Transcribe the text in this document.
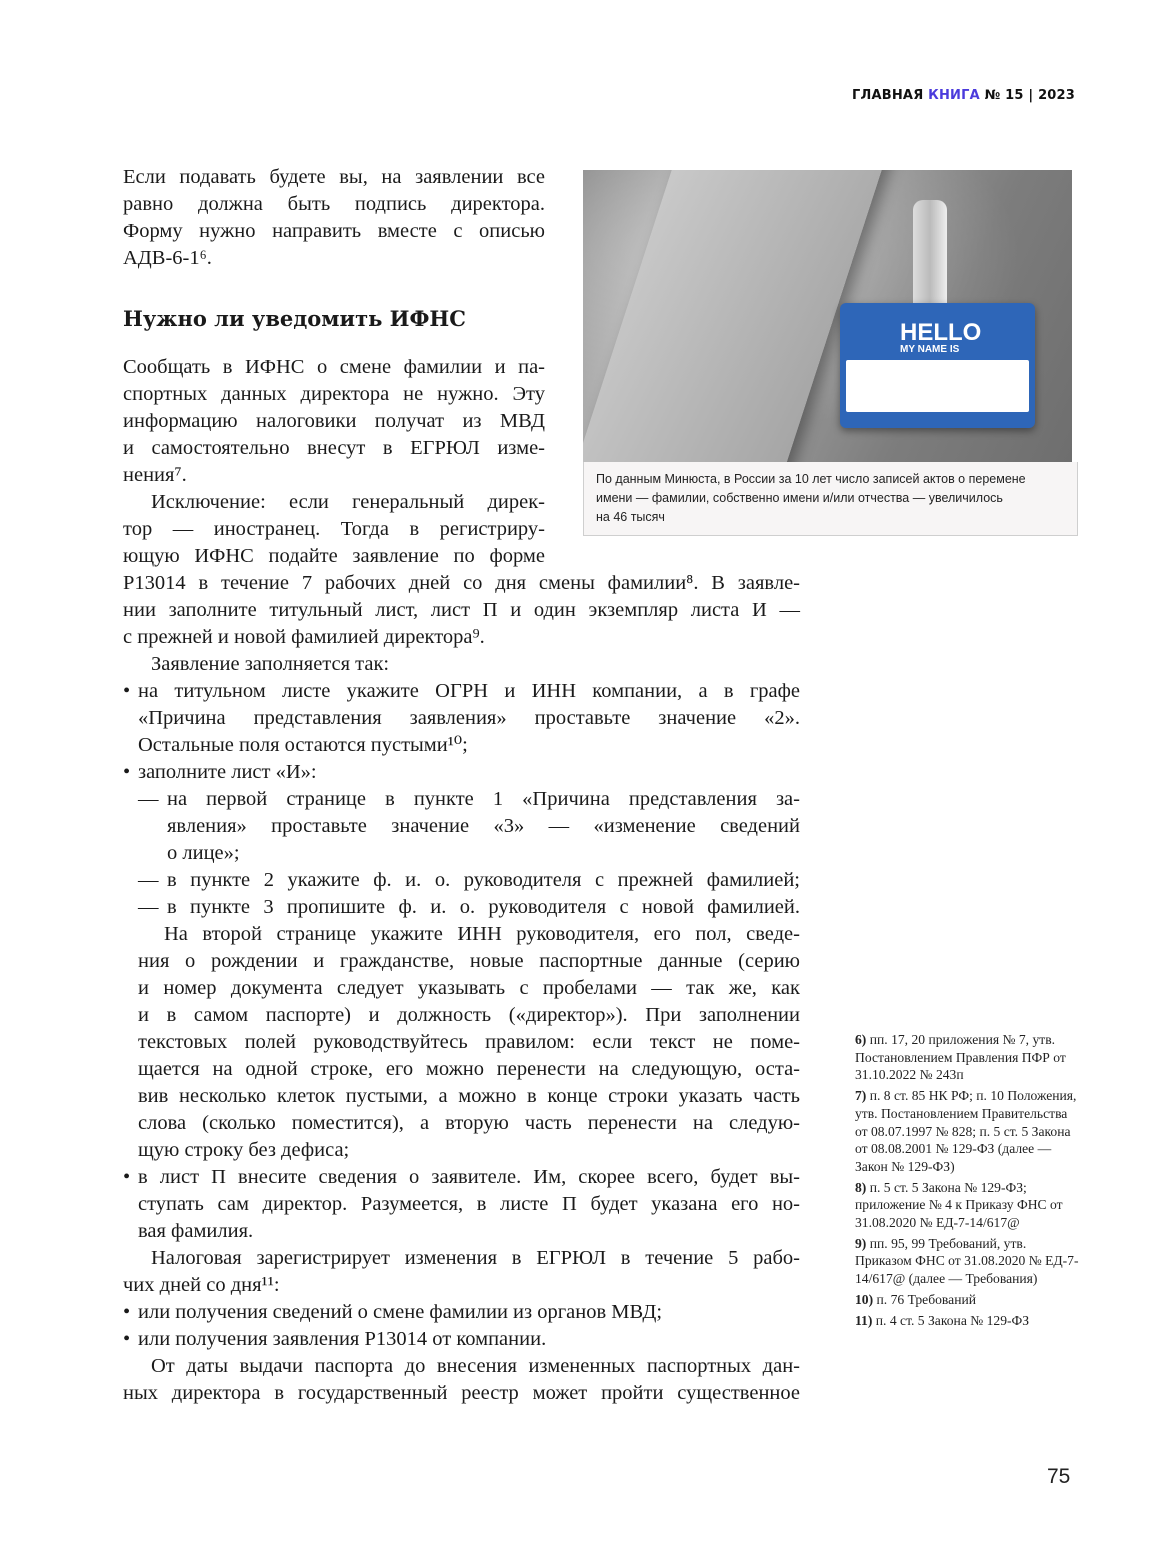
ГЛАВНАЯ КНИГА № 15 | 2023
Если подавать будете вы, на заявлении все
равно должна быть подпись директора.
Форму нужно направить вместе с описью
АДВ-6-1⁶.
Нужно ли уведомить ИФНС
Сообщать в ИФНС о смене фамилии и па-
спортных данных директора не нужно. Эту
информацию налоговики получат из МВД
и самостоятельно внесут в ЕГРЮЛ изме-
нения⁷.
Исключение: если генеральный дирек-
тор — иностранец. Тогда в регистриру-
ющую ИФНС подайте заявление по форме
Р13014 в течение 7 рабочих дней со дня смены фамилии⁸. В заявле-
нии заполните титульный лист, лист П и один экземпляр листа И —
с прежней и новой фамилией директора⁹.
Заявление заполняется так:
на титульном листе укажите ОГРН и ИНН компании, а в графе
•
«Причина представления заявления» проставьте значение «2».
Остальные поля остаются пустыми¹⁰;
заполните лист «И»:
•
на первой странице в пункте 1 «Причина представления за-
—
явления» проставьте значение «3» — «изменение сведений
о лице»;
в пункте 2 укажите ф. и. о. руководителя с прежней фамилией;
—
в пункте 3 пропишите ф. и. о. руководителя с новой фамилией.
—
На второй странице укажите ИНН руководителя, его пол, сведе-
ния о рождении и гражданстве, новые паспортные данные (серию
и номер документа следует указывать с пробелами — так же, как
и в самом паспорте) и должность («директор»). При заполнении
текстовых полей руководствуйтесь правилом: если текст не поме-
щается на одной строке, его можно перенести на следующую, оста-
вив несколько клеток пустыми, а можно в конце строки указать часть
слова (сколько поместится), а вторую часть перенести на следую-
щую строку без дефиса;
в лист П внесите сведения о заявителе. Им, скорее всего, будет вы-
•
ступать сам директор. Разумеется, в листе П будет указана его но-
вая фамилия.
Налоговая зарегистрирует изменения в ЕГРЮЛ в течение 5 рабо-
чих дней со дня¹¹:
или получения сведений о смене фамилии из органов МВД;
•
или получения заявления Р13014 от компании.
•
От даты выдачи паспорта до внесения измененных паспортных дан-
ных директора в государственный реестр может пройти существенное
HELLO
MY NAME IS
По данным Минюста, в России за 10 лет число записей актов о перемене
имени — фамилии, собственно имени и/или отчества — увеличилось
на 46 тысяч
6) пп. 17, 20 приложения № 7, утв. Постановлением Правления ПФР от 31.10.2022 № 243п
7) п. 8 ст. 85 НК РФ; п. 10 Положения, утв. Постановлением Правительства от 08.07.1997 № 828; п. 5 ст. 5 Закона от 08.08.2001 № 129-ФЗ (далее — Закон № 129-ФЗ)
8) п. 5 ст. 5 Закона № 129-ФЗ; приложение № 4 к Приказу ФНС от 31.08.2020 № ЕД-7-14/617@
9) пп. 95, 99 Требований, утв. Приказом ФНС от 31.08.2020 № ЕД-7-14/617@ (далее — Требования)
10) п. 76 Требований
11) п. 4 ст. 5 Закона № 129-ФЗ
75
